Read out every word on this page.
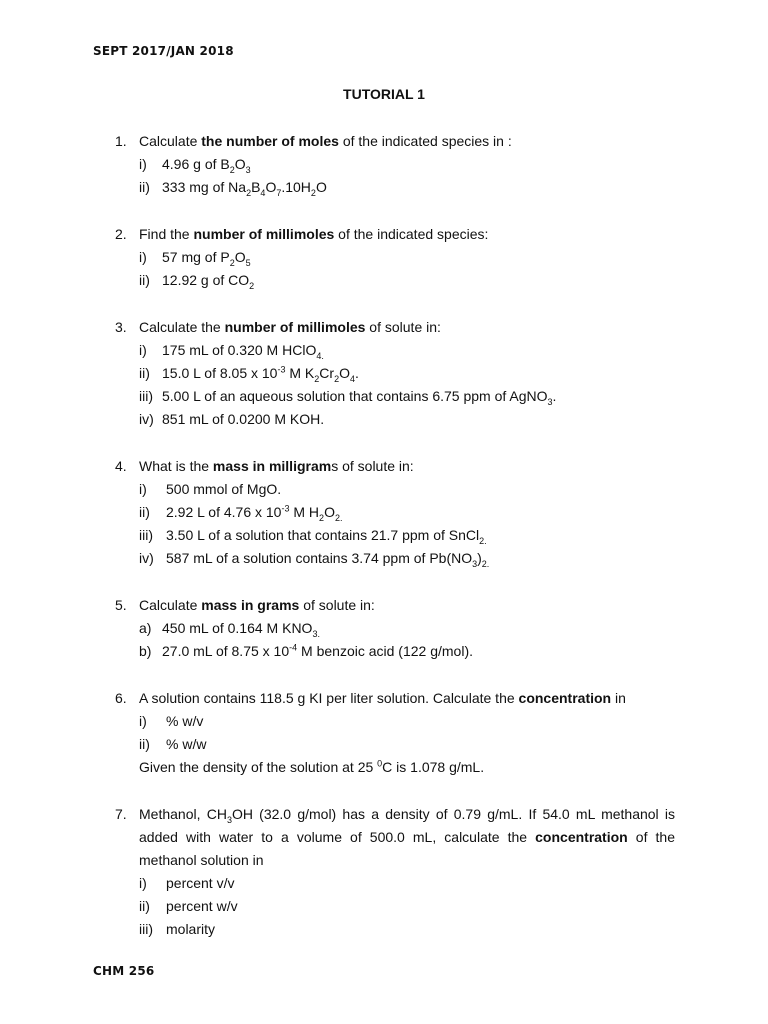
SEPT 2017/JAN 2018
TUTORIAL 1
1. Calculate the number of moles of the indicated species in :
i)	4.96 g of $B_2O_3$
ii) 333 mg of $Na_2B_4O_7.10H_2O$
2. Find the number of millimoles of the indicated species:
i)	57 mg of $P_2O_5$
ii) 12.92 g of $CO_2$
3. Calculate the number of millimoles of solute in:
i)	175 mL of 0.320 M HClO$_{4.}$
ii) 15.0 L of 8.05 x $10^{-3}$ M $K_2Cr_2O_4$.
iii) 5.00 L of an aqueous solution that contains 6.75 ppm of AgNO$_3$.
iv) 851 mL of 0.0200 M KOH.
4. What is the mass in milligrams of solute in:
i)	500 mmol of MgO.
ii)	2.92 L of 4.76 x $10^{-3}$ M $H_2O_{2.}$
iii) 3.50 L of a solution that contains 21.7 ppm of SnCl$_{2.}$
iv) 587 mL of a solution contains 3.74 ppm of $Pb(NO_3)_{2.}$
5. Calculate mass in grams of solute in:
a) 450 mL of 0.164 M $KNO_{3.}$
b) 27.0 mL of 8.75 x $10^{-4}$ M benzoic acid (122 g/mol).
6. A solution contains 118.5 g KI per liter solution. Calculate the concentration in
i)	% w/v
ii)	% w/w
Given the density of the solution at 25 $^0$C is 1.078 g/mL.
7. Methanol, $CH_3OH$ (32.0 g/mol) has a density of 0.79 g/mL. If 54.0 mL methanol is
added with water to a volume of 500.0 mL, calculate the concentration of the
methanol solution in
i)	percent v/v
ii)	percent w/v
iii) molarity
CHM 256
